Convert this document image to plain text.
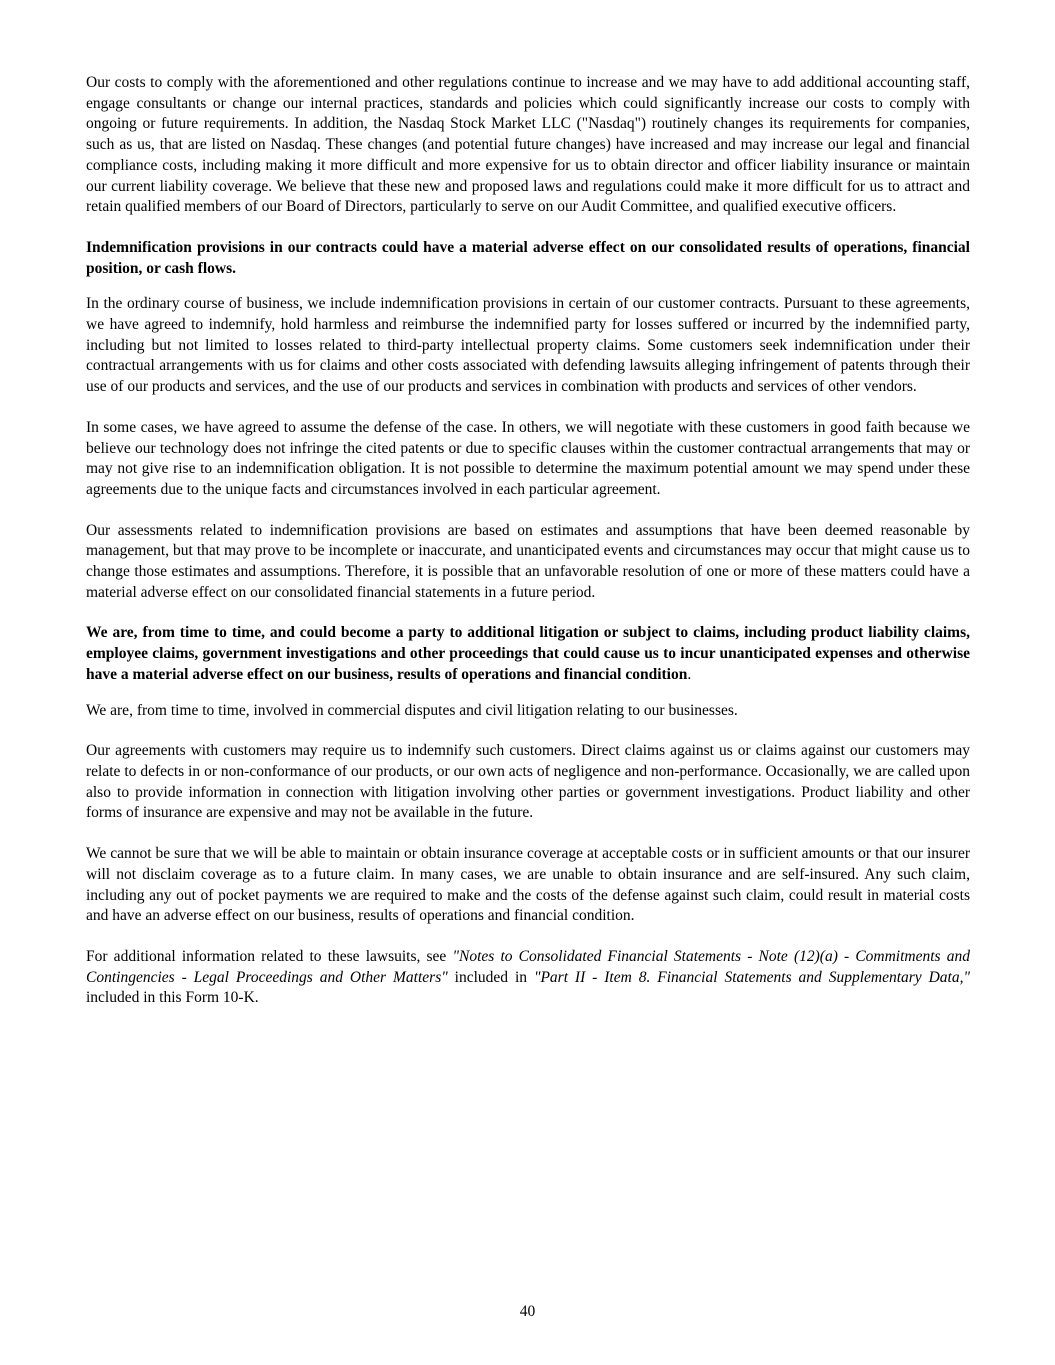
Our costs to comply with the aforementioned and other regulations continue to increase and we may have to add additional accounting staff, engage consultants or change our internal practices, standards and policies which could significantly increase our costs to comply with ongoing or future requirements. In addition, the Nasdaq Stock Market LLC ("Nasdaq") routinely changes its requirements for companies, such as us, that are listed on Nasdaq. These changes (and potential future changes) have increased and may increase our legal and financial compliance costs, including making it more difficult and more expensive for us to obtain director and officer liability insurance or maintain our current liability coverage. We believe that these new and proposed laws and regulations could make it more difficult for us to attract and retain qualified members of our Board of Directors, particularly to serve on our Audit Committee, and qualified executive officers.

Indemnification provisions in our contracts could have a material adverse effect on our consolidated results of operations, financial position, or cash flows.

In the ordinary course of business, we include indemnification provisions in certain of our customer contracts. Pursuant to these agreements, we have agreed to indemnify, hold harmless and reimburse the indemnified party for losses suffered or incurred by the indemnified party, including but not limited to losses related to third-party intellectual property claims. Some customers seek indemnification under their contractual arrangements with us for claims and other costs associated with defending lawsuits alleging infringement of patents through their use of our products and services, and the use of our products and services in combination with products and services of other vendors.

In some cases, we have agreed to assume the defense of the case. In others, we will negotiate with these customers in good faith because we believe our technology does not infringe the cited patents or due to specific clauses within the customer contractual arrangements that may or may not give rise to an indemnification obligation. It is not possible to determine the maximum potential amount we may spend under these agreements due to the unique facts and circumstances involved in each particular agreement.

Our assessments related to indemnification provisions are based on estimates and assumptions that have been deemed reasonable by management, but that may prove to be incomplete or inaccurate, and unanticipated events and circumstances may occur that might cause us to change those estimates and assumptions. Therefore, it is possible that an unfavorable resolution of one or more of these matters could have a material adverse effect on our consolidated financial statements in a future period.

We are, from time to time, and could become a party to additional litigation or subject to claims, including product liability claims, employee claims, government investigations and other proceedings that could cause us to incur unanticipated expenses and otherwise have a material adverse effect on our business, results of operations and financial condition.

We are, from time to time, involved in commercial disputes and civil litigation relating to our businesses.

Our agreements with customers may require us to indemnify such customers. Direct claims against us or claims against our customers may relate to defects in or non-conformance of our products, or our own acts of negligence and non-performance. Occasionally, we are called upon also to provide information in connection with litigation involving other parties or government investigations. Product liability and other forms of insurance are expensive and may not be available in the future.

We cannot be sure that we will be able to maintain or obtain insurance coverage at acceptable costs or in sufficient amounts or that our insurer will not disclaim coverage as to a future claim. In many cases, we are unable to obtain insurance and are self-insured. Any such claim, including any out of pocket payments we are required to make and the costs of the defense against such claim, could result in material costs and have an adverse effect on our business, results of operations and financial condition.

For additional information related to these lawsuits, see "Notes to Consolidated Financial Statements - Note (12)(a) - Commitments and Contingencies - Legal Proceedings and Other Matters" included in "Part II - Item 8. Financial Statements and Supplementary Data," included in this Form 10-K.

40
